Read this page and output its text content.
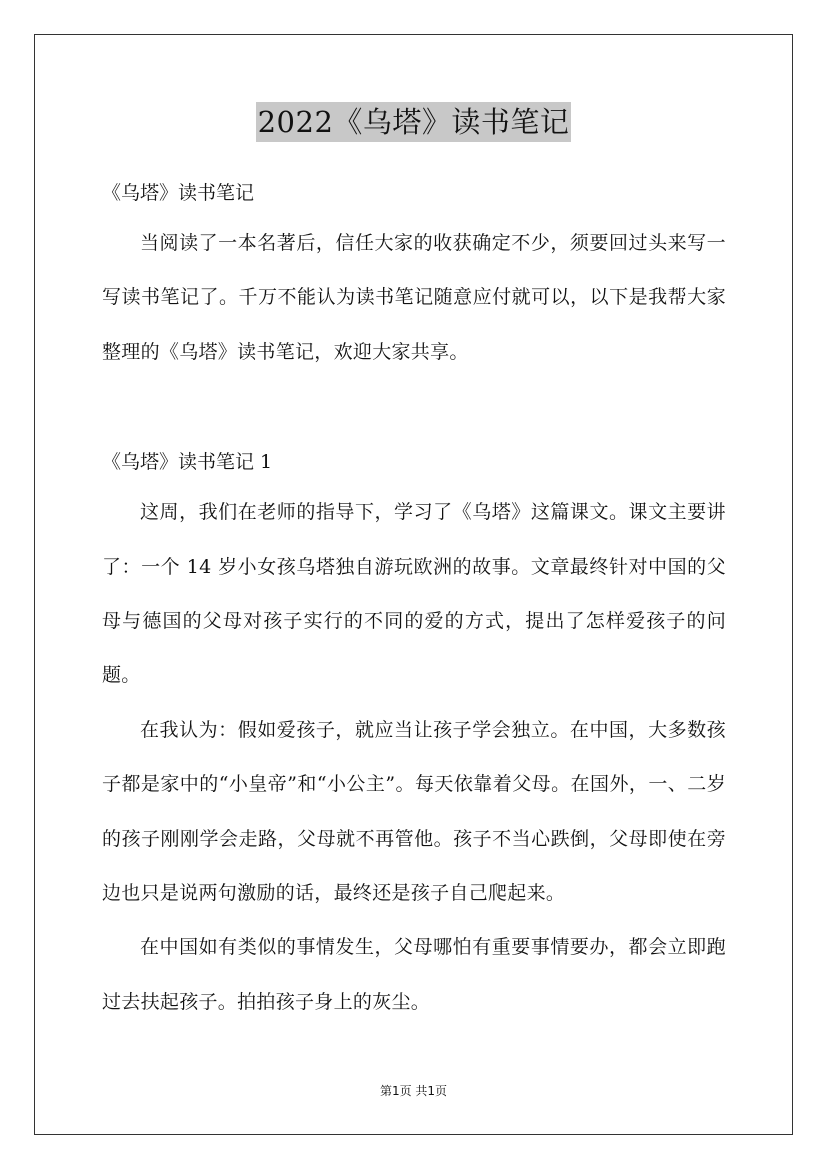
2022《乌塔》读书笔记

《乌塔》读书笔记

当阅读了一本名著后，信任大家的收获确定不少，须要回过头来写一写读书笔记了。千万不能认为读书笔记随意应付就可以，以下是我帮大家整理的《乌塔》读书笔记，欢迎大家共享。

《乌塔》读书笔记 1

这周，我们在老师的指导下，学习了《乌塔》这篇课文。课文主要讲了：一个 14 岁小女孩乌塔独自游玩欧洲的故事。文章最终针对中国的父母与德国的父母对孩子实行的不同的爱的方式，提出了怎样爱孩子的问题。

在我认为：假如爱孩子，就应当让孩子学会独立。在中国，大多数孩子都是家中的“小皇帝”和“小公主”。每天依靠着父母。在国外，一、二岁的孩子刚刚学会走路，父母就不再管他。孩子不当心跌倒，父母即使在旁边也只是说两句激励的话，最终还是孩子自己爬起来。

在中国如有类似的事情发生，父母哪怕有重要事情要办，都会立即跑过去扶起孩子。拍拍孩子身上的灰尘。

第1页 共1页
